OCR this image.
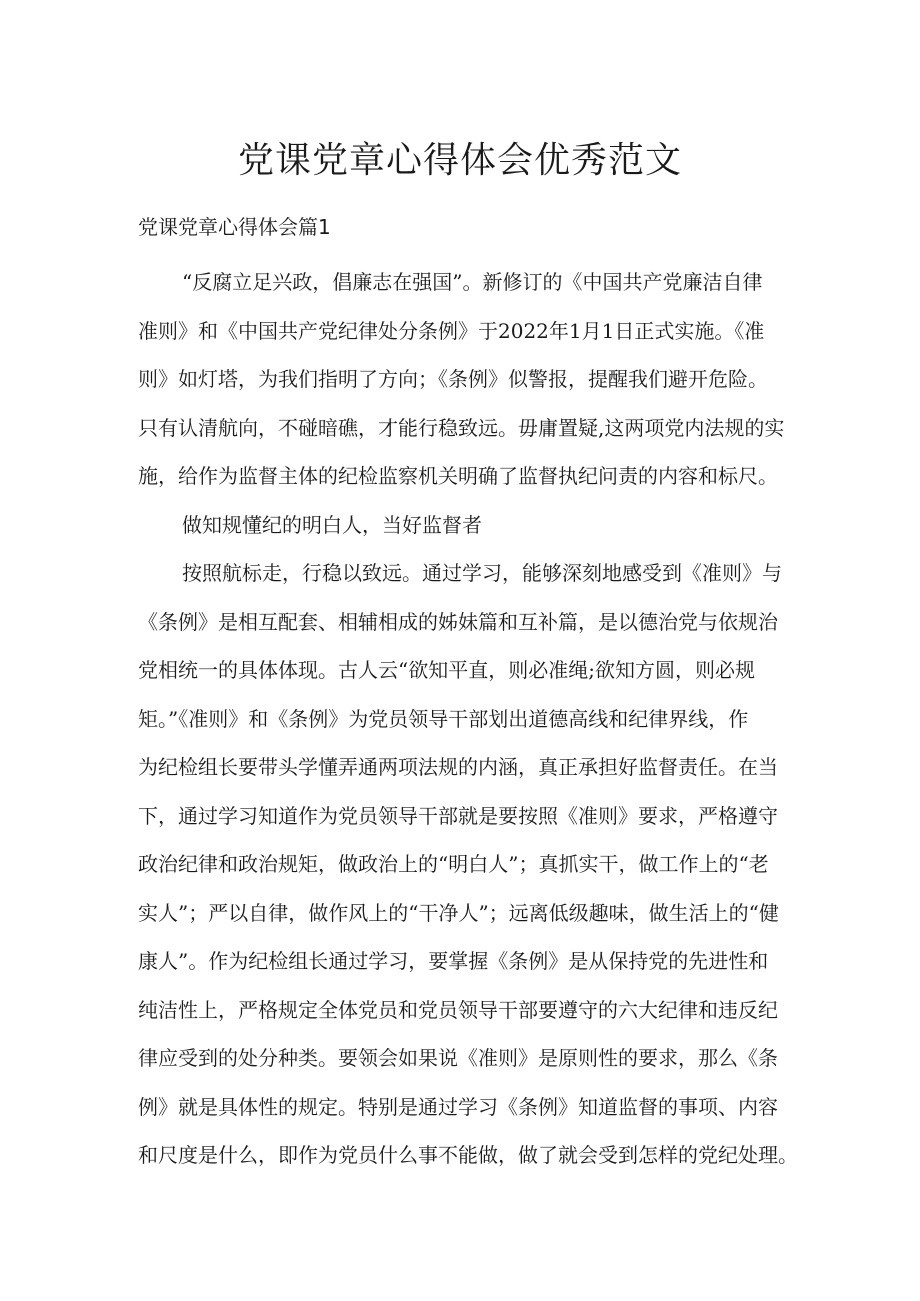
党课党章心得体会优秀范文
党课党章心得体会篇1

“反腐立足兴政，倡廉志在强国”。新修订的《中国共产党廉洁自律
准则》和《中国共产党纪律处分条例》于2022年1月1日正式实施。《准
则》如灯塔，为我们指明了方向；《条例》似警报，提醒我们避开危险。
只有认清航向，不碰暗礁，才能行稳致远。毋庸置疑,这两项党内法规的实
施，给作为监督主体的纪检监察机关明确了监督执纪问责的内容和标尺。

做知规懂纪的明白人，当好监督者

按照航标走，行稳以致远。通过学习，能够深刻地感受到《准则》与
《条例》是相互配套、相辅相成的姊妹篇和互补篇，是以德治党与依规治
党相统一的具体体现。古人云“欲知平直，则必准绳;欲知方圆，则必规
矩。”《准则》和《条例》为党员领导干部划出道德高线和纪律界线，作
为纪检组长要带头学懂弄通两项法规的内涵，真正承担好监督责任。在当
下，通过学习知道作为党员领导干部就是要按照《准则》要求，严格遵守
政治纪律和政治规矩，做政治上的“明白人”；真抓实干，做工作上的“老
实人”；严以自律，做作风上的“干净人”；远离低级趣味，做生活上的“健
康人”。作为纪检组长通过学习，要掌握《条例》是从保持党的先进性和
纯洁性上，严格规定全体党员和党员领导干部要遵守的六大纪律和违反纪
律应受到的处分种类。要领会如果说《准则》是原则性的要求，那么《条
例》就是具体性的规定。特别是通过学习《条例》知道监督的事项、内容
和尺度是什么，即作为党员什么事不能做，做了就会受到怎样的党纪处理。
